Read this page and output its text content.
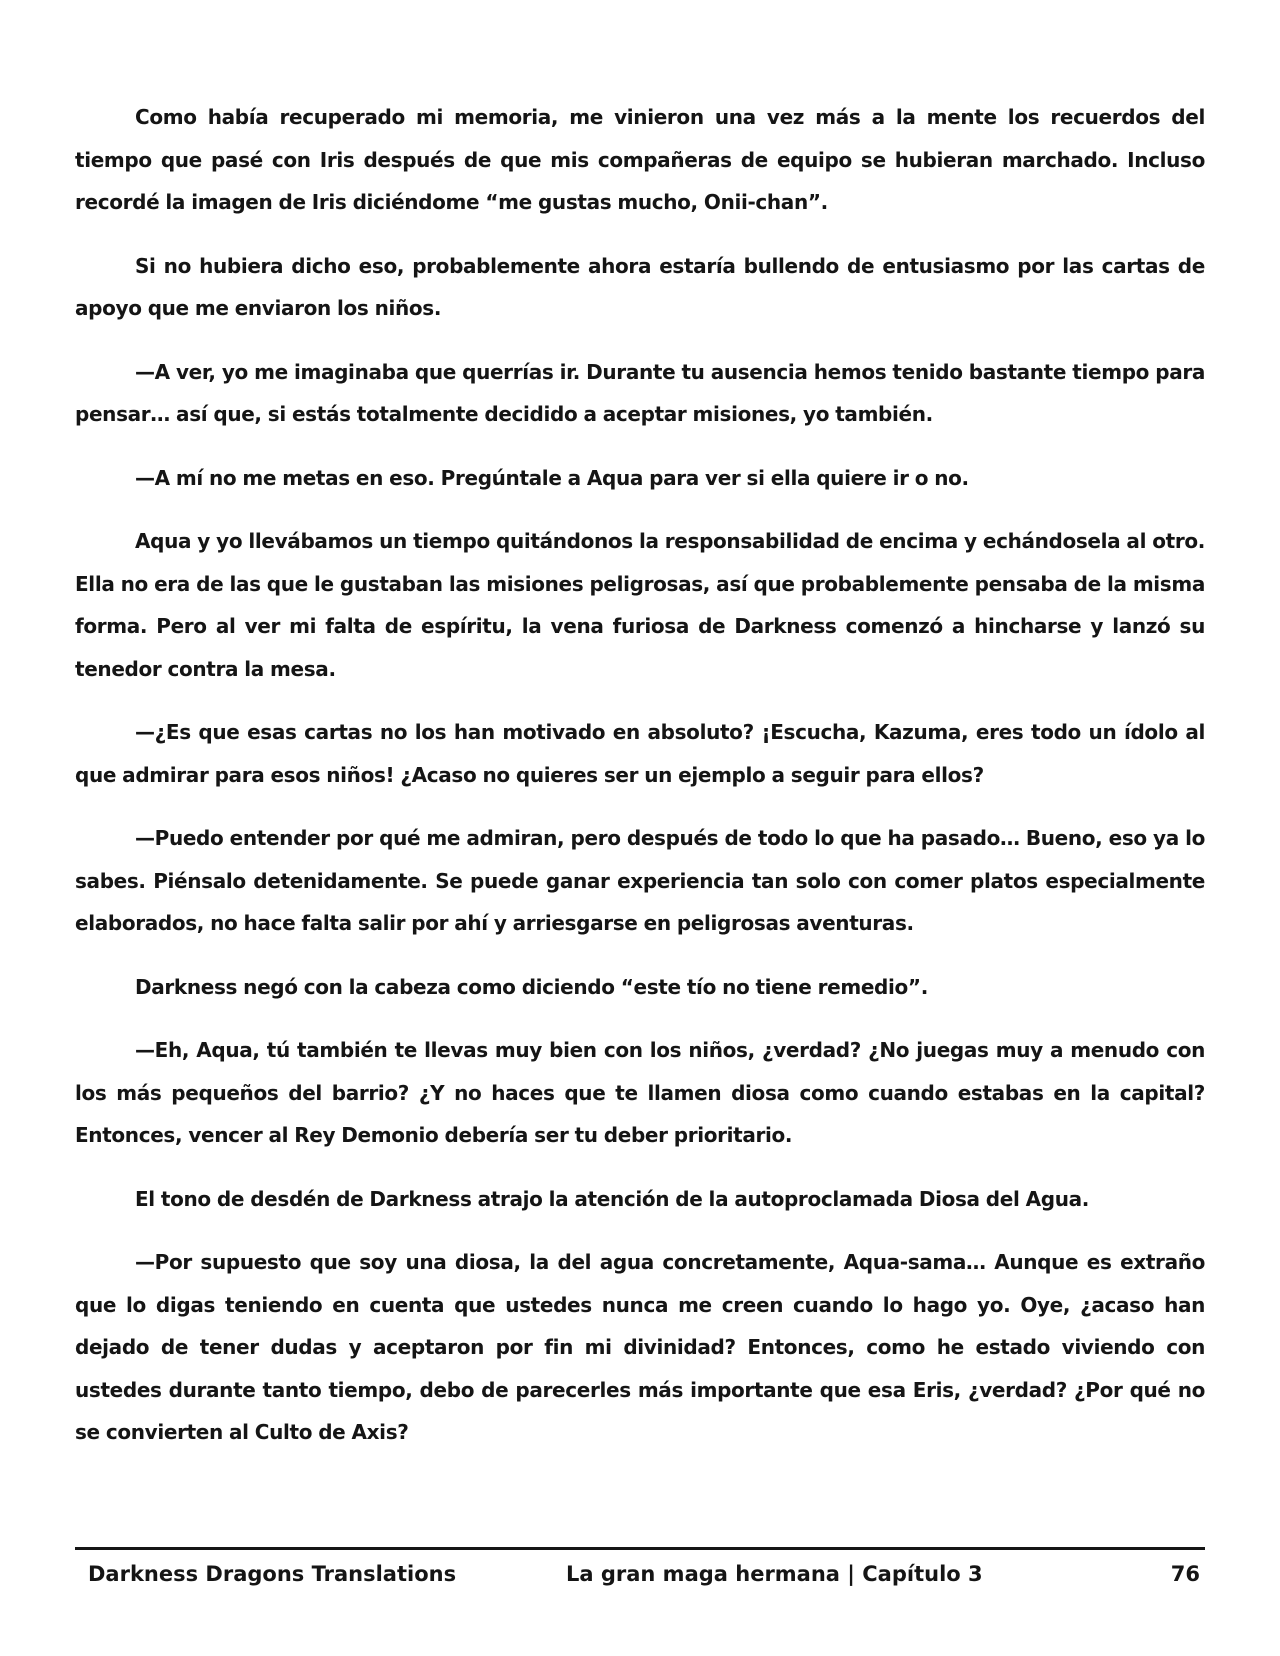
Como había recuperado mi memoria, me vinieron una vez más a la mente los recuerdos del tiempo que pasé con Iris después de que mis compañeras de equipo se hubieran marchado. Incluso recordé la imagen de Iris diciéndome “me gustas mucho, Onii-chan”.

Si no hubiera dicho eso, probablemente ahora estaría bullendo de entusiasmo por las cartas de apoyo que me enviaron los niños.

—A ver, yo me imaginaba que querrías ir. Durante tu ausencia hemos tenido bastante tiempo para pensar… así que, si estás totalmente decidido a aceptar misiones, yo también.

—A mí no me metas en eso. Pregúntale a Aqua para ver si ella quiere ir o no.

Aqua y yo llevábamos un tiempo quitándonos la responsabilidad de encima y echándosela al otro. Ella no era de las que le gustaban las misiones peligrosas, así que probablemente pensaba de la misma forma. Pero al ver mi falta de espíritu, la vena furiosa de Darkness comenzó a hincharse y lanzó su tenedor contra la mesa.

—¿Es que esas cartas no los han motivado en absoluto? ¡Escucha, Kazuma, eres todo un ídolo al que admirar para esos niños! ¿Acaso no quieres ser un ejemplo a seguir para ellos?

—Puedo entender por qué me admiran, pero después de todo lo que ha pasado… Bueno, eso ya lo sabes. Piénsalo detenidamente. Se puede ganar experiencia tan solo con comer platos especialmente elaborados, no hace falta salir por ahí y arriesgarse en peligrosas aventuras.

Darkness negó con la cabeza como diciendo “este tío no tiene remedio”.

—Eh, Aqua, tú también te llevas muy bien con los niños, ¿verdad? ¿No juegas muy a menudo con los más pequeños del barrio? ¿Y no haces que te llamen diosa como cuando estabas en la capital? Entonces, vencer al Rey Demonio debería ser tu deber prioritario.

El tono de desdén de Darkness atrajo la atención de la autoproclamada Diosa del Agua.

—Por supuesto que soy una diosa, la del agua concretamente, Aqua-sama… Aunque es extraño que lo digas teniendo en cuenta que ustedes nunca me creen cuando lo hago yo. Oye, ¿acaso han dejado de tener dudas y aceptaron por fin mi divinidad? Entonces, como he estado viviendo con ustedes durante tanto tiempo, debo de parecerles más importante que esa Eris, ¿verdad? ¿Por qué no se convierten al Culto de Axis?

Darkness Dragons Translations	La gran maga hermana | Capítulo 3	76
